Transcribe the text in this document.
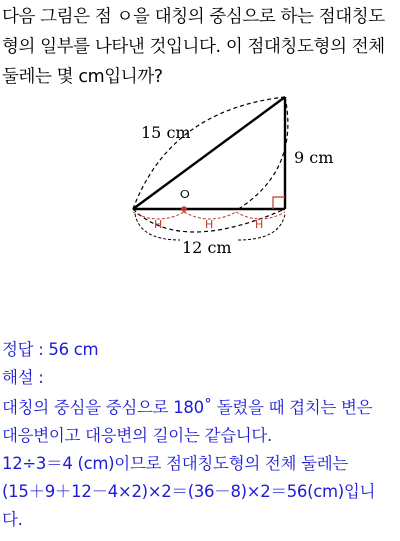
다음 그림은 점 ㅇ을 대칭의 중심으로 하는 점대칭도
형의 일부를 나타낸 것입니다. 이 점대칭도형의 전체
둘레는 몇 cm입니까?
ㅇ
H	H	H
15 cm
9 cm
12 cm
정답 : 56 cm
해설 :
대칭의 중심을 중심으로 180˚ 돌렸을 때 겹치는 변은
대응변이고 대응변의 길이는 같습니다.
12÷3＝4 (cm)이므로 점대칭도형의 전체 둘레는
(15＋9＋12－4×2)×2＝(36－8)×2＝56(cm)입니
다.
